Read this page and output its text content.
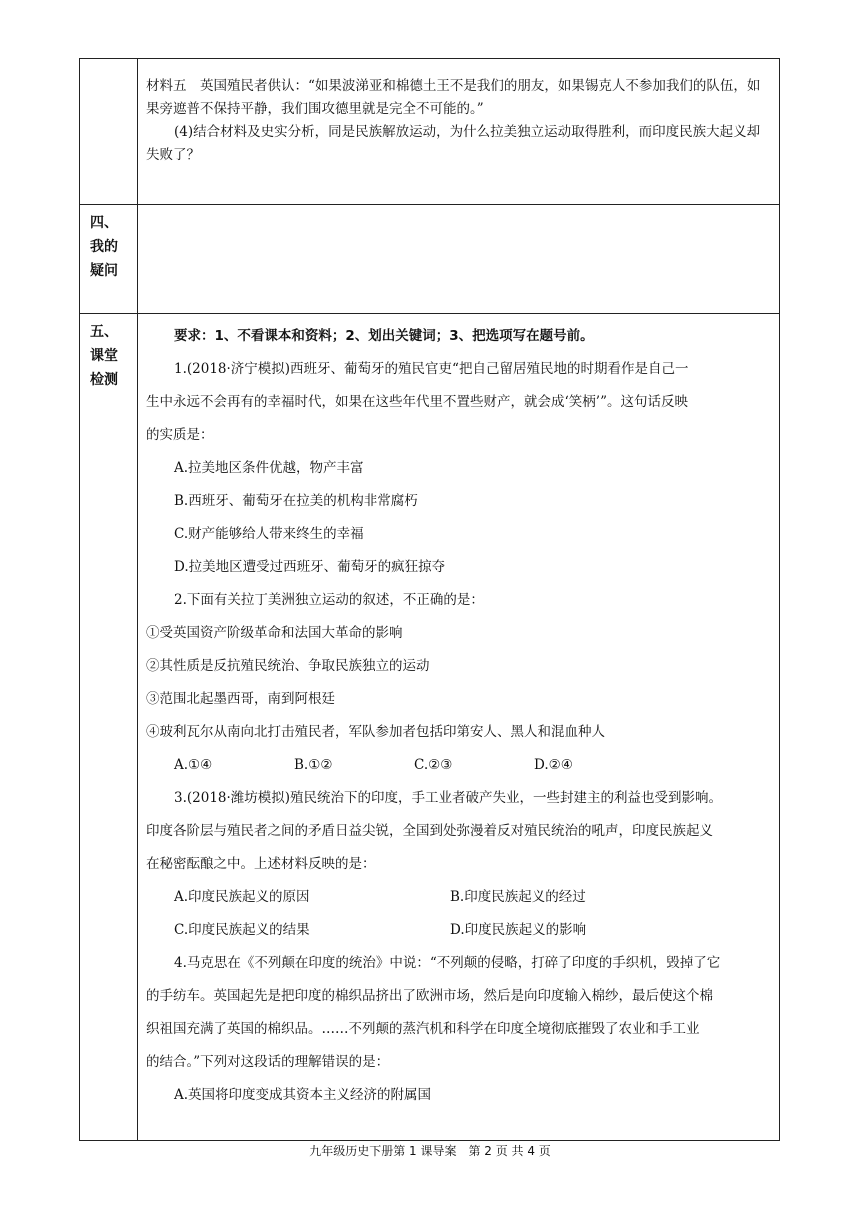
材料五　英国殖民者供认：“如果波涕亚和棉德土王不是我们的朋友，如果锡克人不参加我们的队伍，如果旁遮普不保持平静，我们围攻德里就是完全不可能的。”

(4)结合材料及史实分析，同是民族解放运动，为什么拉美独立运动取得胜利，而印度民族大起义却失败了？

四、
我的
疑问
五、
课堂
检测

要求：1、不看课本和资料；2、划出关键词；3、把选项写在题号前。

1.(2018·济宁模拟)西班牙、葡萄牙的殖民官吏“把自己留居殖民地的时期看作是自己一

生中永远不会再有的幸福时代，如果在这些年代里不置些财产，就会成‘笑柄’”。这句话反映

的实质是：

A.拉美地区条件优越，物产丰富

B.西班牙、葡萄牙在拉美的机构非常腐朽

C.财产能够给人带来终生的幸福

D.拉美地区遭受过西班牙、葡萄牙的疯狂掠夺

2.下面有关拉丁美洲独立运动的叙述，不正确的是：

①受英国资产阶级革命和法国大革命的影响

②其性质是反抗殖民统治、争取民族独立的运动

③范围北起墨西哥，南到阿根廷

④玻利瓦尔从南向北打击殖民者，军队参加者包括印第安人、黑人和混血种人

A.①④	B.①②	C.②③	D.②④

3.(2018·潍坊模拟)殖民统治下的印度，手工业者破产失业，一些封建主的利益也受到影响。

印度各阶层与殖民者之间的矛盾日益尖锐，全国到处弥漫着反对殖民统治的吼声，印度民族起义

在秘密酝酿之中。上述材料反映的是：

A.印度民族起义的原因	B.印度民族起义的经过
C.印度民族起义的结果	D.印度民族起义的影响

4.马克思在《不列颠在印度的统治》中说：“不列颠的侵略，打碎了印度的手织机，毁掉了它

的手纺车。英国起先是把印度的棉织品挤出了欧洲市场，然后是向印度输入棉纱，最后使这个棉

织祖国充满了英国的棉织品。……不列颠的蒸汽机和科学在印度全境彻底摧毁了农业和手工业

的结合。”下列对这段话的理解错误的是：

A.英国将印度变成其资本主义经济的附属国

九年级历史下册第 1 课导案　第 2 页 共 4 页
